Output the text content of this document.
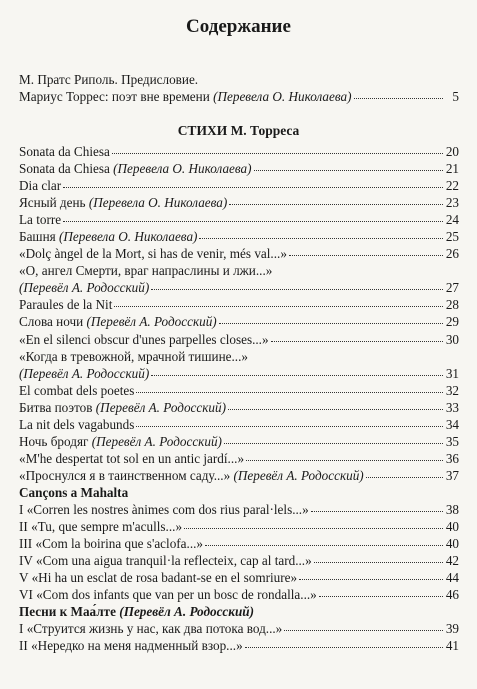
Содержание
М. Пратс Риполь. Предисловие.
Мариус Торрес: поэт вне времени (Перевела О. Николаева)	5
СТИХИ М. Торреса
Sonata da Chiesa	20
Sonata da Chiesa (Перевела О. Николаева)	21
Dia clar	22
Ясный день (Перевела О. Николаева)	23
La torre	24
Башня (Перевела О. Николаева)	25
«Dolç àngel de la Mort, si has de venir, més val...»	26
«О, ангел Смерти, враг напраслины и лжи...»
(Перевёл А. Родосский)	27
Paraules de la Nit	28
Слова ночи (Перевёл А. Родосский)	29
«En el silenci obscur d'unes parpelles closes...»	30
«Когда в тревожной, мрачной тишине...»
(Перевёл А. Родосский)	31
El combat dels poetes	32
Битва поэтов (Перевёл А. Родосский)	33
La nit dels vagabunds	34
Ночь бродяг (Перевёл А. Родосский)	35
«M'he despertat tot sol en un antic jardí...»	36
«Проснулся я в таинственном саду...» (Перевёл А. Родосский)	37
Cançons a Mahalta
I «Corren les nostres ànimes com dos rius paral·lels...»	38
II «Tu, que sempre m'aculls...»	40
III «Com la boirina que s'aclofa...»	40
IV «Com una aigua tranquil·la reflecteix, cap al tard...»	42
V «Hi ha un esclat de rosa badant-se en el somriure»	44
VI «Com dos infants que van per un bosc de rondalla...»	46
Песни к Маа́лте (Перевёл А. Родосский)
I «Струится жизнь у нас, как два потока вод...»	39
II «Нередко на меня надменный взор...»	41
